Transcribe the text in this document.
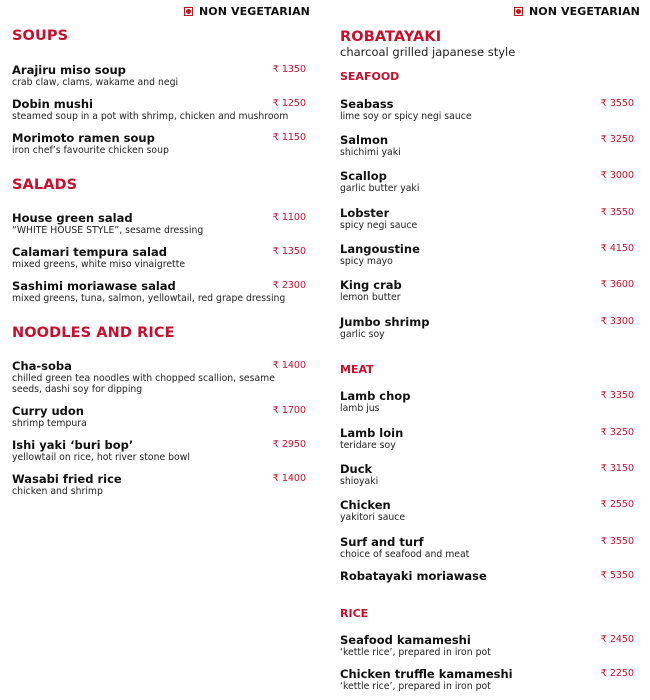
NON VEGETARIAN
SOUPS
Arajiru miso soup
crab claw, clams, wakame and negi
₹ 1350
Dobin mushi
steamed soup in a pot with shrimp, chicken and mushroom
₹ 1250
Morimoto ramen soup
iron chef’s favourite chicken soup
₹ 1150
SALADS
House green salad
“WHITE HOUSE STYLE”, sesame dressing
₹ 1100
Calamari tempura salad
mixed greens, white miso vinaigrette
₹ 1350
Sashimi moriawase salad
mixed greens, tuna, salmon, yellowtail, red grape dressing
₹ 2300
NOODLES AND RICE
Cha-soba
chilled green tea noodles with chopped scallion, sesame seeds, dashi soy for dipping
₹ 1400
Curry udon
shrimp tempura
₹ 1700
Ishi yaki ‘buri bop’
yellowtail on rice, hot river stone bowl
₹ 2950
Wasabi fried rice
chicken and shrimp
₹ 1400
NON VEGETARIAN
ROBATAYAKI
charcoal grilled japanese style
SEAFOOD
Seabass
lime soy or spicy negi sauce
₹ 3550
Salmon
shichimi yaki
₹ 3250
Scallop
garlic butter yaki
₹ 3000
Lobster
spicy negi sauce
₹ 3550
Langoustine
spicy mayo
₹ 4150
King crab
lemon butter
₹ 3600
Jumbo shrimp
garlic soy
₹ 3300
MEAT
Lamb chop
lamb jus
₹ 3350
Lamb loin
teridare soy
₹ 3250
Duck
shioyaki
₹ 3150
Chicken
yakitori sauce
₹ 2550
Surf and turf
choice of seafood and meat
₹ 3550
Robatayaki moriawase	₹ 5350
RICE
Seafood kamameshi
‘kettle rice’, prepared in iron pot
₹ 2450
Chicken truffle kamameshi
‘kettle rice’, prepared in iron pot
₹ 2250
